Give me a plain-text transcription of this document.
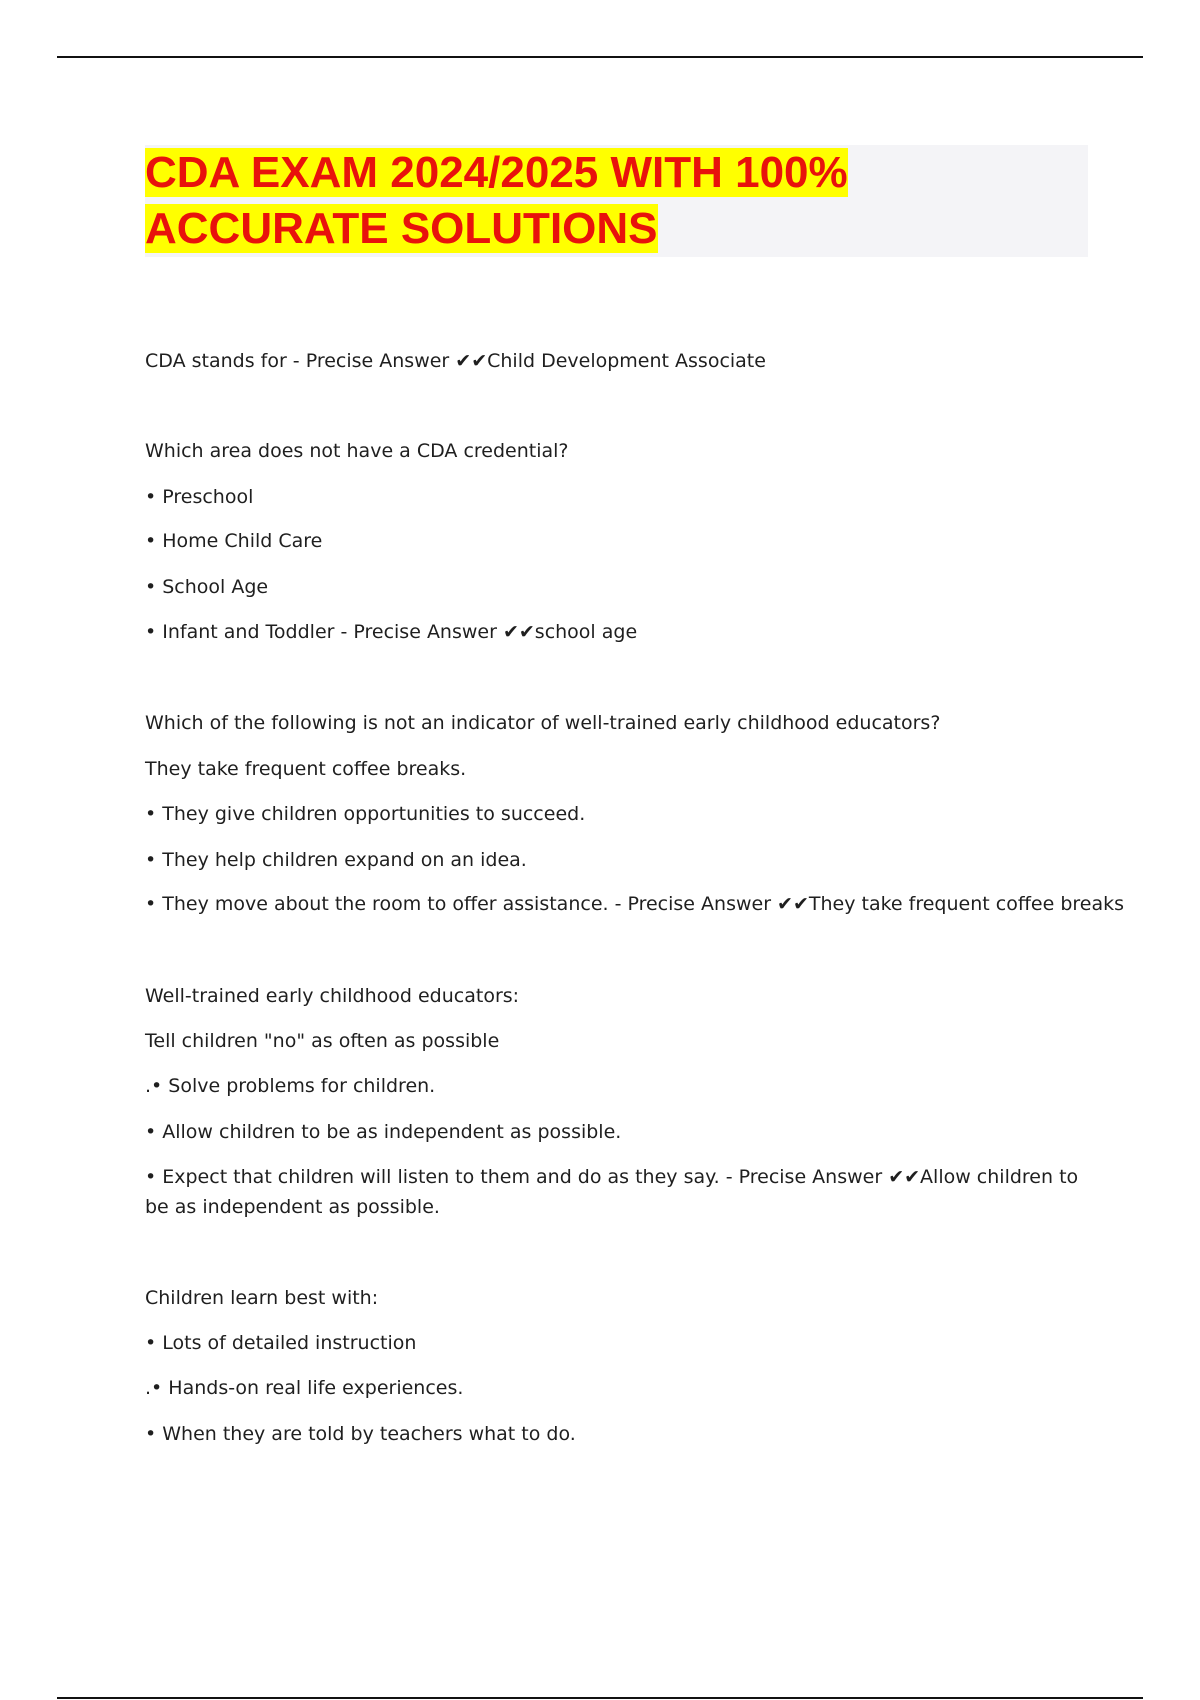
CDA EXAM 2024/2025 WITH 100%
ACCURATE SOLUTIONS
CDA stands for - Precise Answer ✔✔Child Development Associate
Which area does not have a CDA credential?
• Preschool
• Home Child Care
• School Age
• Infant and Toddler - Precise Answer ✔✔school age
Which of the following is not an indicator of well-trained early childhood educators?
They take frequent coffee breaks.
• They give children opportunities to succeed.
• They help children expand on an idea.
• They move about the room to offer assistance. - Precise Answer ✔✔They take frequent coffee breaks
Well-trained early childhood educators:
Tell children "no" as often as possible
.• Solve problems for children.
• Allow children to be as independent as possible.
• Expect that children will listen to them and do as they say. - Precise Answer ✔✔Allow children to be as independent as possible.
Children learn best with:
• Lots of detailed instruction
.• Hands-on real life experiences.
• When they are told by teachers what to do.
